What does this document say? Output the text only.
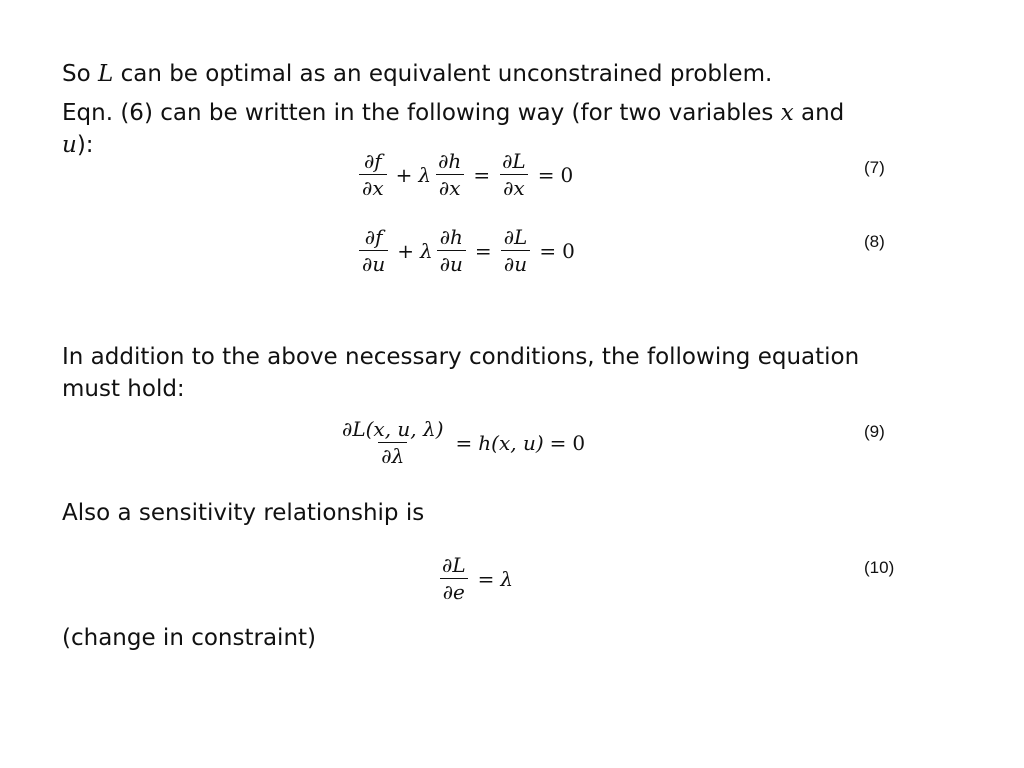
So L can be optimal as an equivalent unconstrained problem.

Eqn. (6) can be written in the following way (for two variables x and

u):

$\frac{\partial f}{\partial x} + \lambda \frac{\partial h}{\partial x} = \frac{\partial L}{\partial x} = 0$	(7)
$\frac{\partial f}{\partial u} + \lambda \frac{\partial h}{\partial u} = \frac{\partial L}{\partial u} = 0$	(8)

In addition to the above necessary conditions, the following equation

must hold:

$\frac{\partial L(x, u, \lambda)}{\partial\lambda} = h(x$, u) = 0	(9)

Also a sensitivity relationship is

$\frac{\partial L}{\partial e} = \lambda$	(10)

(change in constraint)
